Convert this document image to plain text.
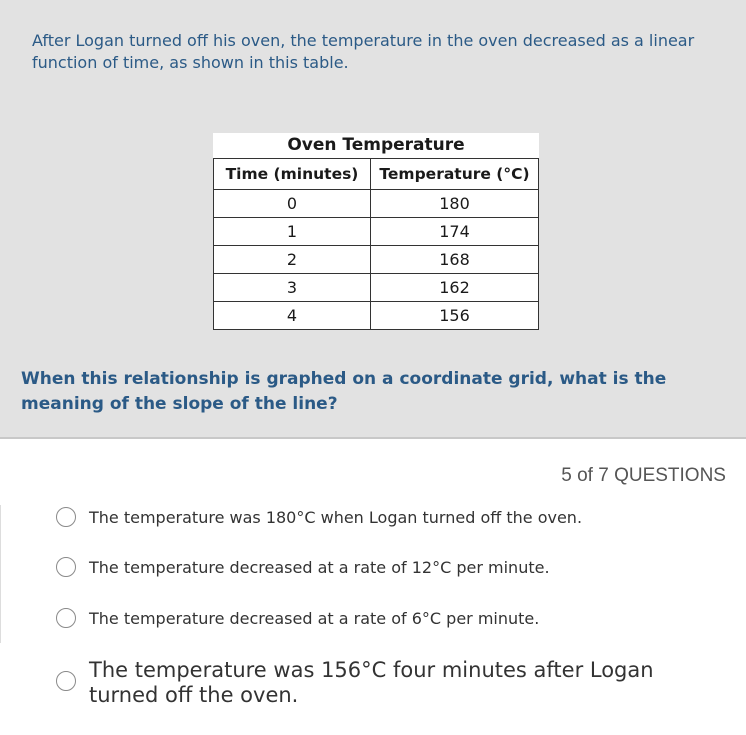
After Logan turned off his oven, the temperature in the oven decreased as a linear function of time, as shown in this table.
Oven Temperature
Time (minutes)	Temperature (°C)
0	180
1	174
2	168
3	162
4	156
When this relationship is graphed on a coordinate grid, what is the meaning of the slope of the line?
5 of 7 QUESTIONS
The temperature was 180°C when Logan turned off the oven.
The temperature decreased at a rate of 12°C per minute.
The temperature decreased at a rate of 6°C per minute.
The temperature was 156°C four minutes after Logan turned off the oven.
